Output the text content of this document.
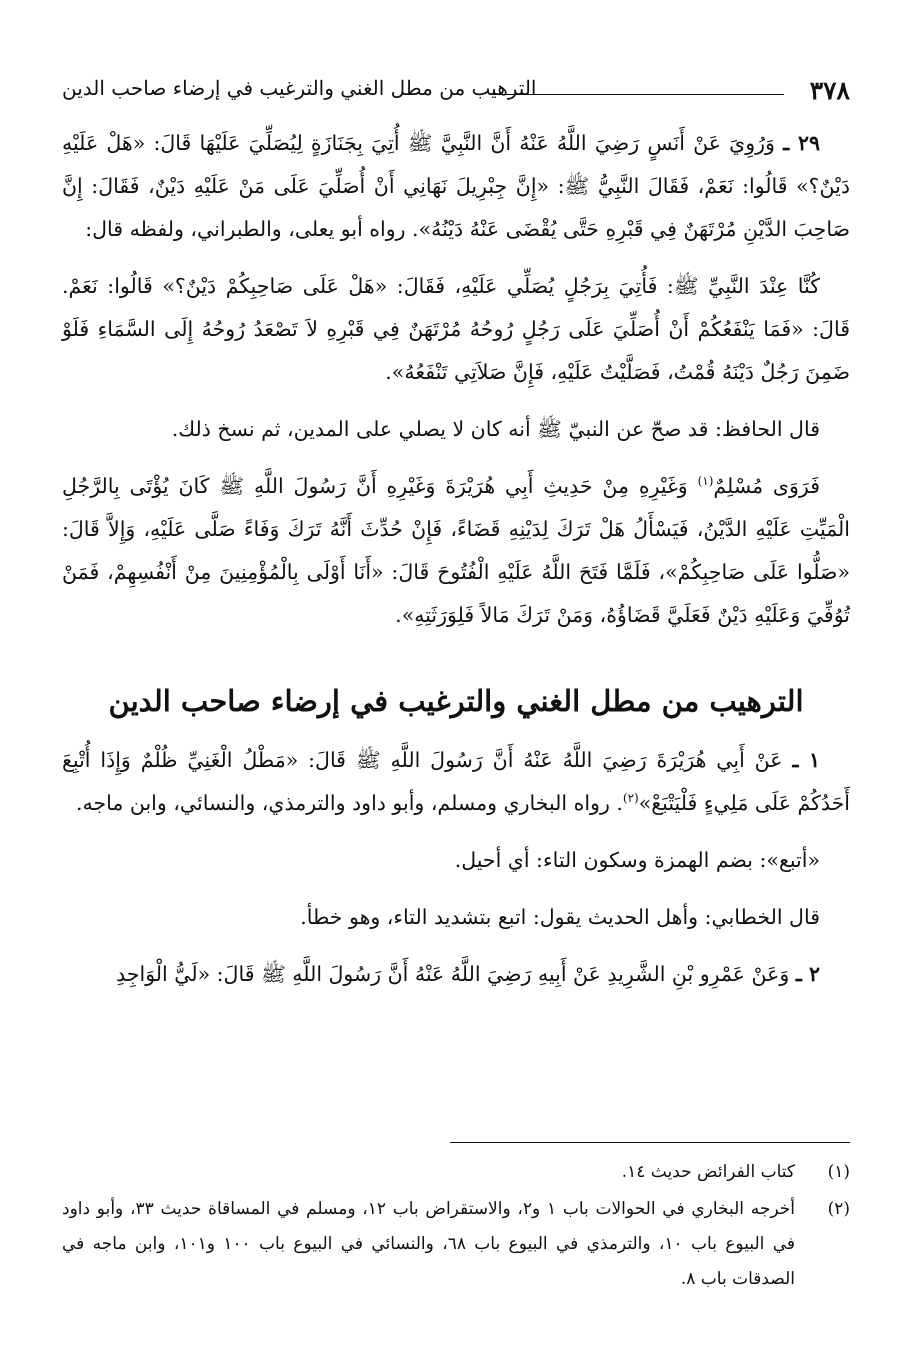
٣٧٨
الترهيب من مطل الغني والترغيب في إرضاء صاحب الدين

٢٩ ـ وَرُوِيَ عَنْ أَنَسٍ رَضِيَ اللَّهُ عَنْهُ أَنَّ النَّبِيَّ ﷺ أُتِيَ بِجَنَازَةٍ لِيُصَلِّيَ عَلَيْهَا قَالَ: «هَلْ عَلَيْهِ دَيْنٌ؟» قَالُوا: نَعَمْ، فَقَالَ النَّبِيُّ ﷺ: «إِنَّ جِبْرِيلَ نَهَانِي أَنْ أُصَلِّيَ عَلَى مَنْ عَلَيْهِ دَيْنٌ، فَقَالَ: إِنَّ صَاحِبَ الدَّيْنِ مُرْتَهَنٌ فِي قَبْرِهِ حَتَّى يُقْضَى عَنْهُ دَيْنُهُ». رواه أبو يعلى، والطبراني، ولفظه قال:

كُنَّا عِنْدَ النَّبِيِّ ﷺ: فَأُتِيَ بِرَجُلٍ يُصَلِّي عَلَيْهِ، فَقَالَ: «هَلْ عَلَى صَاحِبِكُمْ دَيْنٌ؟» قَالُوا: نَعَمْ. قَالَ: «فَمَا يَنْفَعُكُمْ أَنْ أُصَلِّيَ عَلَى رَجُلٍ رُوحُهُ مُرْتَهَنٌ فِي قَبْرِهِ لاَ تَصْعَدُ رُوحُهُ إِلَى السَّمَاءِ فَلَوْ ضَمِنَ رَجُلٌ دَيْنَهُ قُمْتُ، فَصَلَّيْتُ عَلَيْهِ، فَإِنَّ صَلاَتِي تَنْفَعُهُ».

قال الحافظ: قد صحّ عن النبيّ ﷺ أنه كان لا يصلي على المدين، ثم نسخ ذلك.

فَرَوَى مُسْلِمٌ$^{(١)}$ وَغَيْرِهِ مِنْ حَدِيثِ أَبِي هُرَيْرَةَ وَغَيْرِهِ أَنَّ رَسُولَ اللَّهِ ﷺ كَانَ يُؤْتَى بِالرَّجُلِ الْمَيِّتِ عَلَيْهِ الدَّيْنُ، فَيَسْأَلُ هَلْ تَرَكَ لِدَيْنِهِ قَضَاءً، فَإِنْ حُدِّثَ أَنَّهُ تَرَكَ وَفَاءً صَلَّى عَلَيْهِ، وَإِلاَّ قَالَ: «صَلُّوا عَلَى صَاحِبِكُمْ»، فَلَمَّا فَتَحَ اللَّهُ عَلَيْهِ الْفُتُوحَ قَالَ: «أَنَا أَوْلَى بِالْمُؤْمِنِينَ مِنْ أَنْفُسِهِمْ، فَمَنْ تُوُفِّيَ وَعَلَيْهِ دَيْنٌ فَعَلَيَّ قَضَاؤُهُ، وَمَنْ تَرَكَ مَالاً فَلِوَرَثَتِهِ».

الترهيب من مطل الغني والترغيب في إرضاء صاحب الدين

١ ـ عَنْ أَبِي هُرَيْرَةَ رَضِيَ اللَّهُ عَنْهُ أَنَّ رَسُولَ اللَّهِ ﷺ قَالَ: «مَطْلُ الْغَنِيِّ ظُلْمٌ وَإِذَا أُتْبِعَ أَحَدُكُمْ عَلَى مَلِيءٍ فَلْيَتْبَعْ»$^{(٢)}$. رواه البخاري ومسلم، وأبو داود والترمذي، والنسائي، وابن ماجه.

«أتبع»: بضم الهمزة وسكون التاء: أي أحيل.

قال الخطابي: وأهل الحديث يقول: اتبع بتشديد التاء، وهو خطأ.

٢ ـ وَعَنْ عَمْرِو بْنِ الشَّرِيدِ عَنْ أَبِيهِ رَضِيَ اللَّهُ عَنْهُ أَنَّ رَسُولَ اللَّهِ ﷺ قَالَ: «لَيُّ الْوَاجِدِ

(١)
كتاب الفرائض حديث ١٤.

(٢)
أخرجه البخاري في الحوالات باب ١ و٢، والاستقراض باب ١٢، ومسلم في المساقاة حديث ٣٣، وأبو داود في البيوع باب ١٠، والترمذي في البيوع باب ٦٨، والنسائي في البيوع باب ١٠٠ و١٠١، وابن ماجه في الصدقات باب ٨.
